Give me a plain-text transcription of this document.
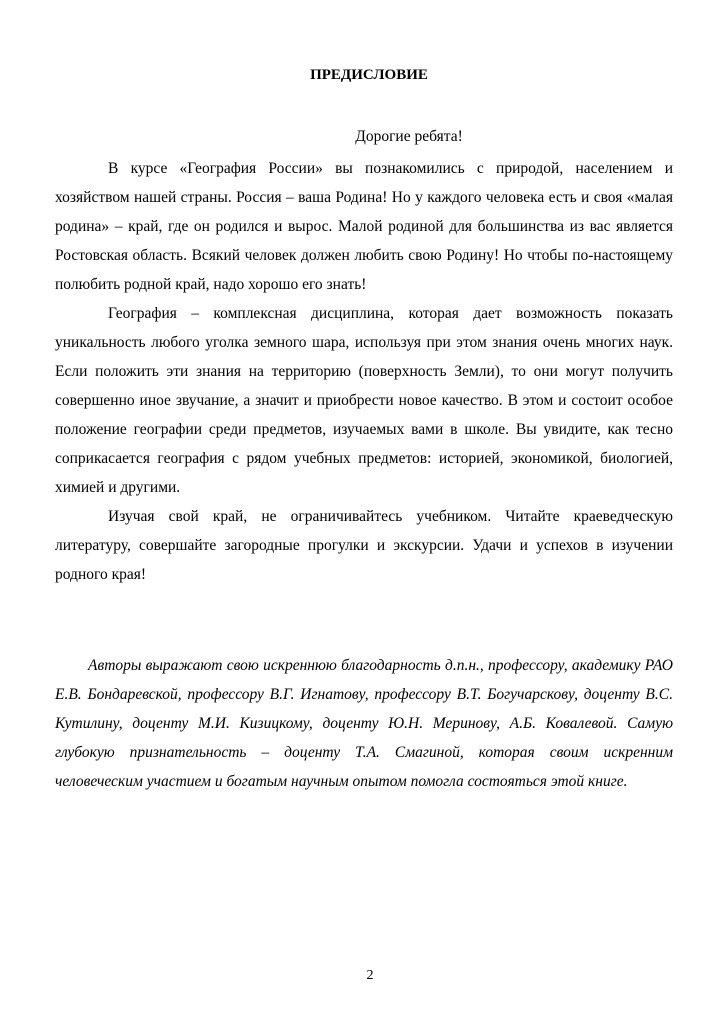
ПРЕДИСЛОВИЕ
Дорогие ребята!

В курсе «География России» вы познакомились с природой, населением и хозяйством нашей страны. Россия – ваша Родина! Но у каждого человека есть и своя «малая родина» – край, где он родился и вырос. Малой родиной для большинства из вас является Ростовская область. Всякий человек должен любить свою Родину! Но чтобы по-настоящему полюбить родной край, надо хорошо его знать!

География – комплексная дисциплина, которая дает возможность показать уникальность любого уголка земного шара, используя при этом знания очень многих наук. Если положить эти знания на территорию (поверхность Земли), то они могут получить совершенно иное звучание, а значит и приобрести новое качество. В этом и состоит особое положение географии среди предметов, изучаемых вами в школе. Вы увидите, как тесно соприкасается география с рядом учебных предметов: историей, экономикой, биологией, химией и другими.

Изучая свой край, не ограничивайтесь учебником. Читайте краеведческую литературу, совершайте загородные прогулки и экскурсии. Удачи и успехов в изучении родного края!

Авторы выражают свою искреннюю благодарность д.п.н., профессору, академику РАО Е.В. Бондаревской, профессору В.Г. Игнатову, профессору В.Т. Богучарскову, доценту В.С. Кутилину, доценту М.И. Кизицкому, доценту Ю.Н. Меринову, А.Б. Ковалевой. Самую глубокую признательность – доценту Т.А. Смагиной, которая своим искренним человеческим участием и богатым научным опытом помогла состояться этой книге.

2
